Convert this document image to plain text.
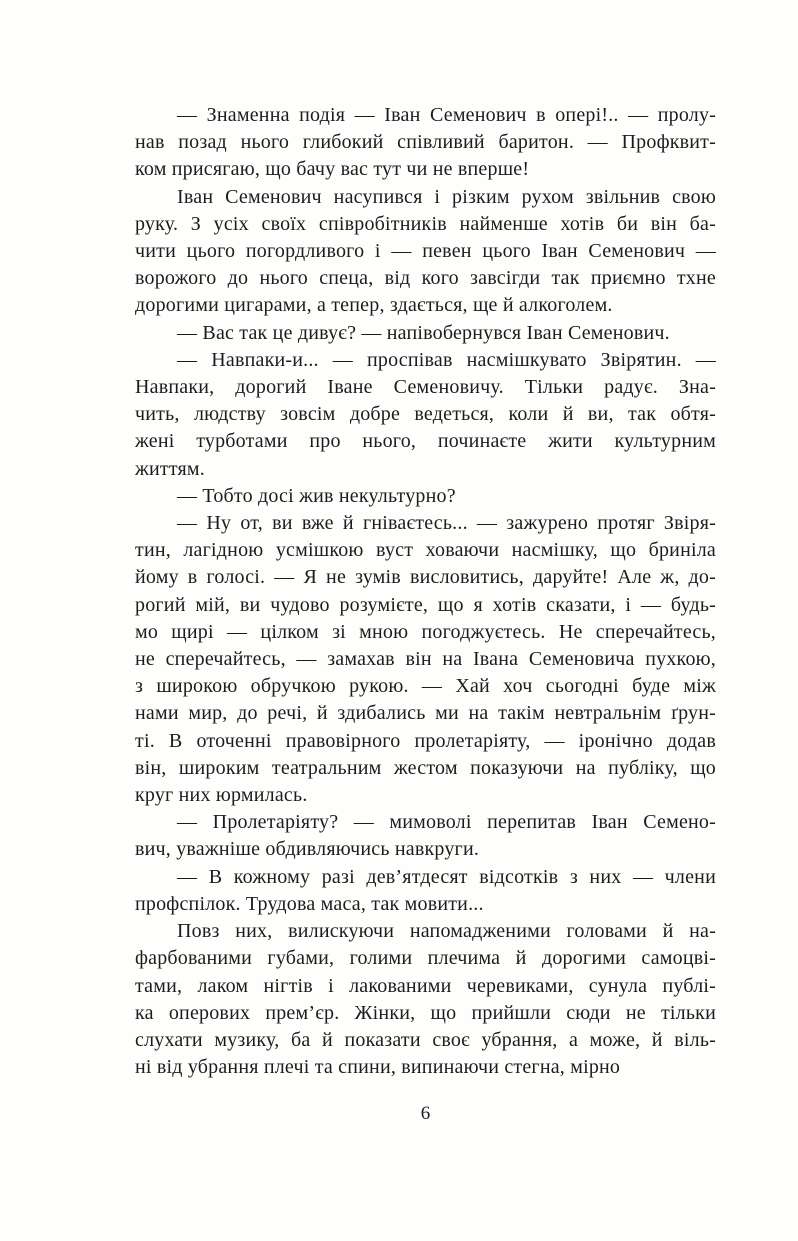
— Знаменна подія — Іван Семенович в опері!.. — пролу-
нав позад нього глибокий співливий баритон. — Профквит-
ком присягаю, що бачу вас тут чи не вперше!

Іван Семенович насупився і різким рухом звільнив свою
руку. З усіх своїх співробітників найменше хотів би він ба-
чити цього погордливого і — певен цього Іван Семенович —
ворожого до нього спеца, від кого завсігди так приємно тхне
дорогими цигарами, а тепер, здається, ще й алкоголем.

— Вас так це дивує? — напівобернувся Іван Семенович.

— Навпаки-и... — проспівав насмішкувато Звірятин. —
Навпаки, дорогий Іване Семеновичу. Тільки радує. Зна-
чить, людству зовсім добре ведеться, коли й ви, так обтя-
жені турботами про нього, починаєте жити культурним
життям.

— Тобто досі жив некультурно?

— Ну от, ви вже й гніваєтесь... — зажурено протяг Звіря-
тин, лагідною усмішкою вуст ховаючи насмішку, що бриніла
йому в голосі. — Я не зумів висловитись, даруйте! Але ж, до-
рогий мій, ви чудово розумієте, що я хотів сказати, і — будь-
мо щирі — цілком зі мною погоджуєтесь. Не сперечайтесь,
не сперечайтесь, — замахав він на Івана Семеновича пухкою,
з широкою обручкою рукою. — Хай хоч сьогодні буде між
нами мир, до речі, й здибались ми на такім невтральнім ґрун-
ті. В оточенні правовірного пролетаріяту, — іронічно додав
він, широким театральним жестом показуючи на публіку, що
круг них юрмилась.

— Пролетаріяту? — мимоволі перепитав Іван Семено-
вич, уважніше обдивляючись навкруги.

— В кожному разі дев’ятдесят відсотків з них — члени
профспілок. Трудова маса, так мовити...

Повз них, вилискуючи напомадженими головами й на-
фарбованими губами, голими плечима й дорогими самоцві-
тами, лаком нігтів і лакованими черевиками, сунула публі-
ка оперових прем’єр. Жінки, що прийшли сюди не тільки
слухати музику, ба й показати своє убрання, а може, й віль-
ні від убрання плечі та спини, випинаючи стегна, мірно

6
